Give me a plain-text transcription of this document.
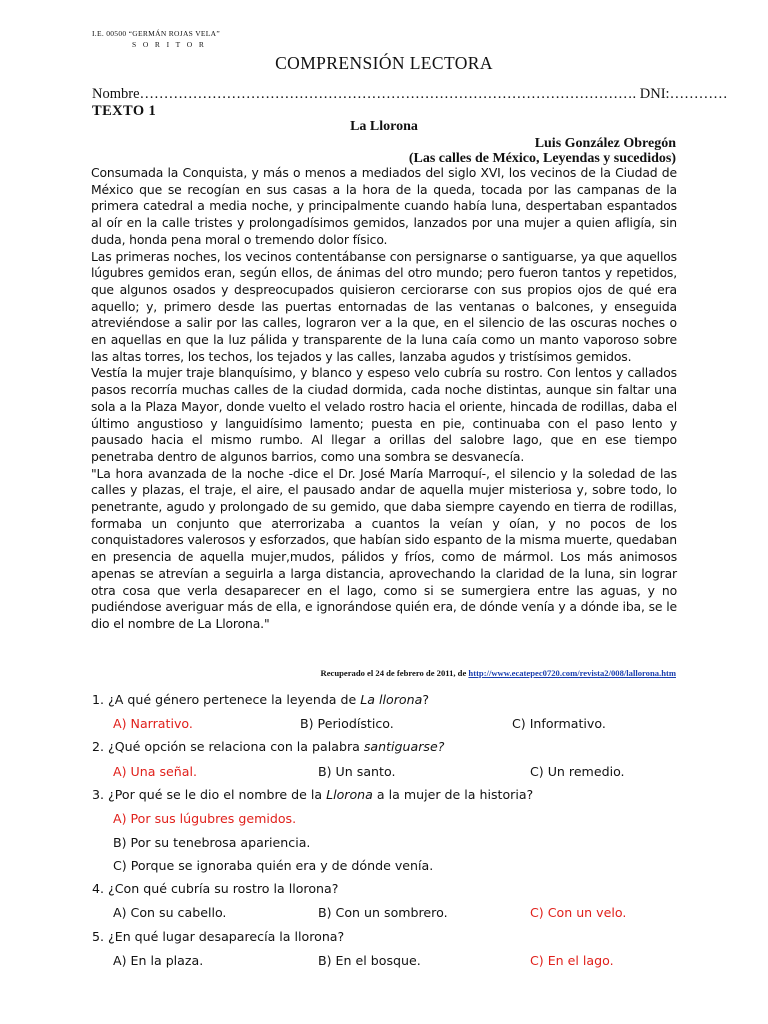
I.E. 00500 “GERMÁN ROJAS VELA”
S O R I T O R
COMPRENSIÓN LECTORA
Nombre…………………………………………………………………………………………. DNI:…………
TEXTO 1
La Llorona
Luis González Obregón
(Las calles de México, Leyendas y sucedidos)

Consumada la Conquista, y más o menos a mediados del siglo XVI, los vecinos de la Ciudad de México que se recogían en sus casas a la hora de la queda, tocada por las campanas de la primera catedral a media noche, y principalmente cuando había luna, despertaban espantados al oír en la calle tristes y prolongadísimos gemidos, lanzados por una mujer a quien afligía, sin duda, honda pena moral o tremendo dolor físico.

Las primeras noches, los vecinos contentábanse con persignarse o santiguarse, ya que aquellos lúgubres gemidos eran, según ellos, de ánimas del otro mundo; pero fueron tantos y repetidos, que algunos osados y despreocupados quisieron cerciorarse con sus propios ojos de qué era aquello; y, primero desde las puertas entornadas de las ventanas o balcones, y enseguida atreviéndose a salir por las calles, lograron ver a la que, en el silencio de las oscuras noches o en aquellas en que la luz pálida y transparente de la luna caía como un manto vaporoso sobre las altas torres, los techos, los tejados y las calles, lanzaba agudos y tristísimos gemidos.

Vestía la mujer traje blanquísimo, y blanco y espeso velo cubría su rostro. Con lentos y callados pasos recorría muchas calles de la ciudad dormida, cada noche distintas, aunque sin faltar una sola a la Plaza Mayor, donde vuelto el velado rostro hacia el oriente, hincada de rodillas, daba el último angustioso y languidísimo lamento; puesta en pie, continuaba con el paso lento y pausado hacia el mismo rumbo. Al llegar a orillas del salobre lago, que en ese tiempo penetraba dentro de algunos barrios, como una sombra se desvanecía.

"La hora avanzada de la noche -dice el Dr. José María Marroquí-, el silencio y la soledad de las calles y plazas, el traje, el aire, el pausado andar de aquella mujer misteriosa y, sobre todo, lo penetrante, agudo y prolongado de su gemido, que daba siempre cayendo en tierra de rodillas, formaba un conjunto que aterrorizaba a cuantos la veían y oían, y no pocos de los conquistadores valerosos y esforzados, que habían sido espanto de la misma muerte, quedaban en presencia de aquella mujer,mudos, pálidos y fríos, como de mármol. Los más animosos apenas se atrevían a seguirla a larga distancia, aprovechando la claridad de la luna, sin lograr otra cosa que verla desaparecer en el lago, como si se sumergiera entre las aguas, y no pudiéndose averiguar más de ella, e ignorándose quién era, de dónde venía y a dónde iba, se le dio el nombre de La Llorona."

Recuperado el 24 de febrero de 2011, de http://www.ecatepec0720.com/revista2/008/lallorona.htm
1. ¿A qué género pertenece la leyenda de La llorona?
A) Narrativo.	B) Periodístico.	C) Informativo.
2. ¿Qué opción se relaciona con la palabra santiguarse?
A) Una señal.	B) Un santo.	C) Un remedio.
3. ¿Por qué se le dio el nombre de la Llorona a la mujer de la historia?
A) Por sus lúgubres gemidos.
B) Por su tenebrosa apariencia.
C) Porque se ignoraba quién era y de dónde venía.
4. ¿Con qué cubría su rostro la llorona?
A) Con su cabello.	B) Con un sombrero.	C) Con un velo.
5. ¿En qué lugar desaparecía la llorona?
A) En la plaza.	B) En el bosque.	C) En el lago.
